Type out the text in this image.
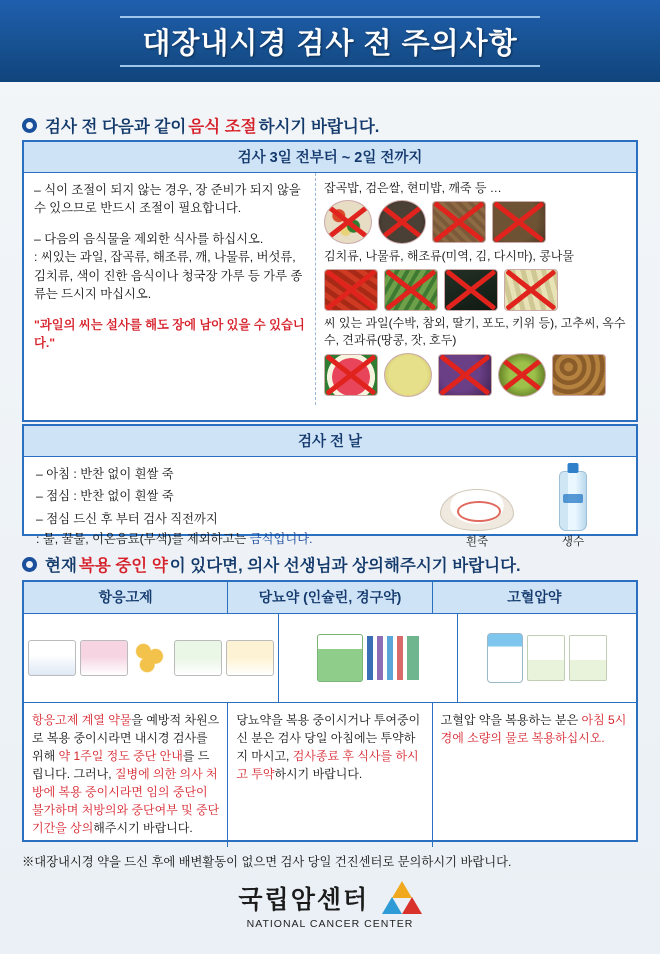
대장내시경 검사 전 주의사항
검사 전 다음과 같이 음식 조절 하시기 바랍니다.
검사 3일 전부터 ~ 2일 전까지
– 식이 조절이 되지 않는 경우, 장 준비가 되지 않을 수 있으므로 반드시 조절이 필요합니다.
– 다음의 음식물을 제외한 식사를 하십시오.
: 씨있는 과일, 잡곡류, 해조류, 깨, 나물류, 버섯류, 김치류, 색이 진한 음식이나 청국장 가루 등 가루 종류는 드시지 마십시오.
"과일의 씨는 설사를 해도 장에 남아 있을 수 있습니다."
잡곡밥, 검은쌀, 현미밥, 깨죽 등 …
김치류, 나물류, 해조류(미역, 김, 다시마), 콩나물
씨 있는 과일(수박, 참외, 딸기, 포도, 키위 등), 고추씨, 옥수수, 견과류(땅콩, 잣, 호두)
검사 전 날
– 아침 : 반찬 없이 흰쌀 죽
– 점심 : 반찬 없이 흰쌀 죽
– 점심 드신 후 부터 검사 직전까지
: 물, 꿀물, 이온음료(무색)를 제외하고는 금식입니다.	흰죽	생수
현재 복용 중인 약 이 있다면, 의사 선생님과 상의해주시기 바랍니다.
항응고제	당뇨약 (인슐린, 경구약)	고혈압약
항응고제 계열 약물을 예방적 차원으로 복용 중이시라면 내시경 검사를 위해 약 1주일 정도 중단 안내를 드립니다. 그러나, 질병에 의한 의사 처방에 복용 중이시라면 임의 중단이 불가하며 처방의와 중단여부 및 중단기간을 상의해주시기 바랍니다.
당뇨약을 복용 중이시거나 투여중이신 분은 검사 당일 아침에는 투약하지 마시고, 검사종료 후 식사를 하시고 투약하시기 바랍니다.
고혈압 약을 복용하는 분은 아침 5시경에 소량의 물로 복용하십시오.
※대장내시경 약을 드신 후에 배변활동이 없으면 검사 당일 건진센터로 문의하시기 바랍니다.
국립암센터
NATIONAL CANCER CENTER
